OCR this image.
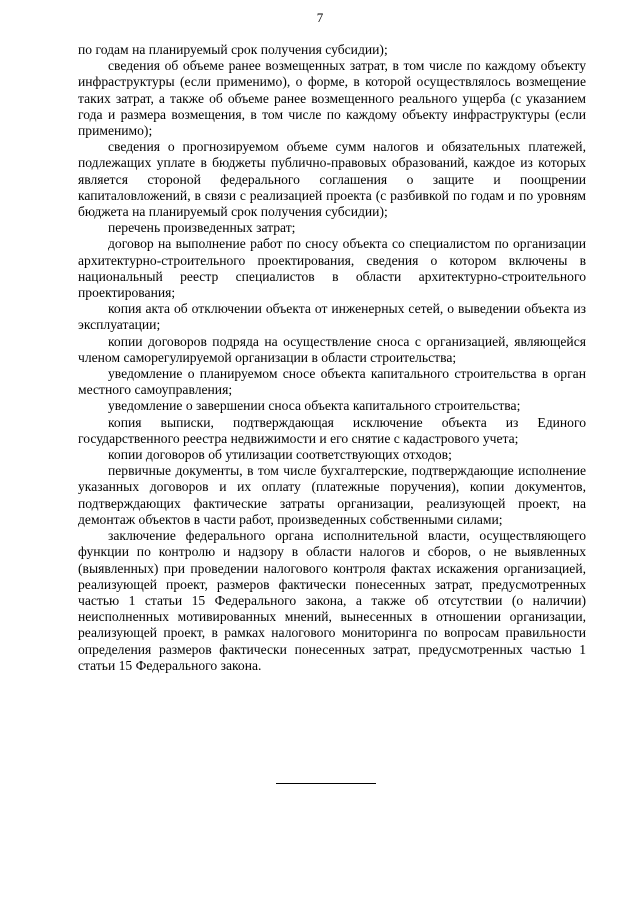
7

по годам на планируемый срок получения субсидии);

сведения об объеме ранее возмещенных затрат, в том числе по каждому объекту инфраструктуры (если применимо), о форме, в которой осуществлялось возмещение таких затрат, а также об объеме ранее возмещенного реального ущерба (с указанием года и размера возмещения, в том числе по каждому объекту инфраструктуры (если применимо);

сведения о прогнозируемом объеме сумм налогов и обязательных платежей, подлежащих уплате в бюджеты публично-правовых образований, каждое из которых является стороной федерального соглашения о защите и поощрении капиталовложений, в связи с реализацией проекта (с разбивкой по годам и по уровням бюджета на планируемый срок получения субсидии);

перечень произведенных затрат;

договор на выполнение работ по сносу объекта со специалистом по организации архитектурно-строительного проектирования, сведения о котором включены в национальный реестр специалистов в области архитектурно-строительного проектирования;

копия акта об отключении объекта от инженерных сетей, о выведении объекта из эксплуатации;

копии договоров подряда на осуществление сноса с организацией, являющейся членом саморегулируемой организации в области строительства;

уведомление о планируемом сносе объекта капитального строительства в орган местного самоуправления;

уведомление о завершении сноса объекта капитального строительства;

копия выписки, подтверждающая исключение объекта из Единого государственного реестра недвижимости и его снятие с кадастрового учета;

копии договоров об утилизации соответствующих отходов;

первичные документы, в том числе бухгалтерские, подтверждающие исполнение указанных договоров и их оплату (платежные поручения), копии документов, подтверждающих фактические затраты организации, реализующей проект, на демонтаж объектов в части работ, произведенных собственными силами;

заключение федерального органа исполнительной власти, осуществляющего функции по контролю и надзору в области налогов и сборов, о не выявленных (выявленных) при проведении налогового контроля фактах искажения организацией, реализующей проект, размеров фактически понесенных затрат, предусмотренных частью 1 статьи 15 Федерального закона, а также об отсутствии (о наличии) неисполненных мотивированных мнений, вынесенных в отношении организации, реализующей проект, в рамках налогового мониторинга по вопросам правильности определения размеров фактически понесенных затрат, предусмотренных частью 1 статьи 15 Федерального закона.
